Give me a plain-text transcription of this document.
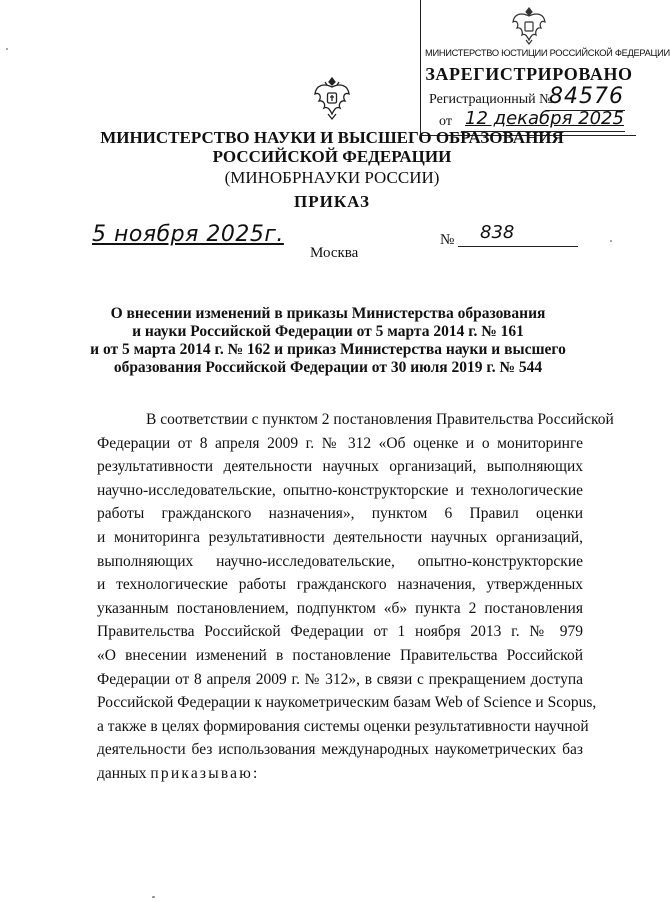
МИНИСТЕРСТВО ЮСТИЦИИ РОССИЙСКОЙ ФЕДЕРАЦИИ
ЗАРЕГИСТРИРОВАНО
Регистрационный №
84576
от 12 декабря 2025
МИНИСТЕРСТВО НАУКИ И ВЫСШЕГО ОБРАЗОВАНИЯ
РОССИЙСКОЙ ФЕДЕРАЦИИ
(МИНОБРНАУКИ РОССИИ)
ПРИКАЗ
5 ноября 2025г.	№ 838
Москва
О внесении изменений в приказы Министерства образования
и науки Российской Федерации от 5 марта 2014 г. № 161
и от 5 марта 2014 г. № 162 и приказ Министерства науки и высшего
образования Российской Федерации от 30 июля 2019 г. № 544
В соответствии с пунктом 2 постановления Правительства Российской
Федерации от 8 апреля 2009 г. № 312 «Об оценке и о мониторинге
результативности деятельности научных организаций, выполняющих
научно-исследовательские, опытно-конструкторские и технологические
работы гражданского назначения», пунктом 6 Правил оценки
и мониторинга результативности деятельности научных организаций,
выполняющих научно-исследовательские, опытно-конструкторские
и технологические работы гражданского назначения, утвержденных
указанным постановлением, подпунктом «б» пункта 2 постановления
Правительства Российской Федерации от 1 ноября 2013 г. № 979
«О внесении изменений в постановление Правительства Российской
Федерации от 8 апреля 2009 г. № 312», в связи с прекращением доступа
Российской Федерации к наукометрическим базам Web of Science и Scopus,
а также в целях формирования системы оценки результативности научной
деятельности без использования международных наукометрических баз
данных приказываю:
